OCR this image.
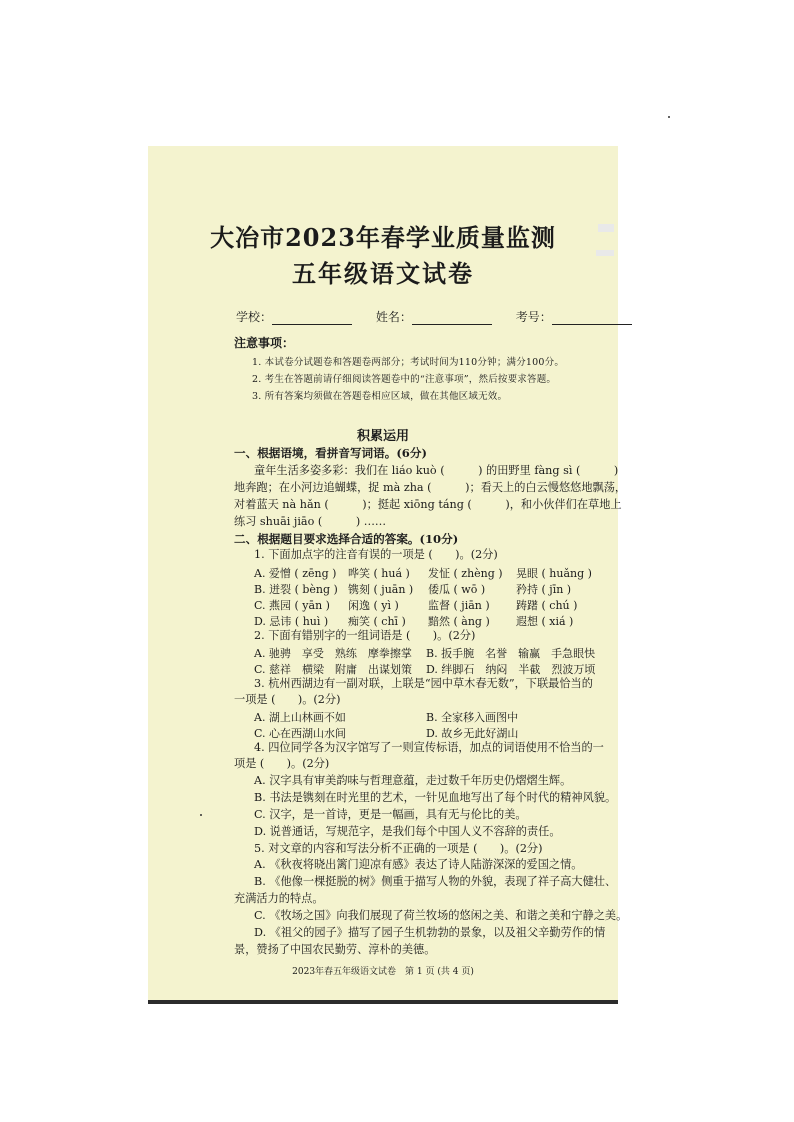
大冶市2023年春学业质量监测
五年级语文试卷
学校：	姓名：	考号：
注意事项：
1. 本试卷分试题卷和答题卷两部分；考试时间为110分钟；满分100分。
2. 考生在答题前请仔细阅读答题卷中的“注意事项”，然后按要求答题。
3. 所有答案均须做在答题卷相应区域，做在其他区域无效。
积累运用
一、根据语境，看拼音写词语。(6分)
童年生活多姿多彩：我们在 liáo kuò (　　　) 的田野里 fàng sì (　　　)
地奔跑；在小河边追蝴蝶，捉 mà zha (　　　)；看天上的白云慢悠悠地飘荡，
对着蓝天 nà hǎn (　　　)；挺起 xiōng táng (　　　)，和小伙伴们在草地上
练习 shuāi jiāo (　　　) ……
二、根据题目要求选择合适的答案。(10分)
1. 下面加点字的注音有误的一项是 (　　)。(2分)
A. 爱憎 ( zēng ) 哗笑 ( huá ) 发怔 ( zhèng ) 晃眼 ( huǎng )
B. 迸裂 ( bèng ) 镌刻 ( juān ) 倭瓜 ( wō )	矜持 ( jīn )
C. 燕园 ( yān ) 闲逸 ( yì )	监督 ( jiān ) 踌躇 ( chú )
D. 忌讳 ( huì ) 痴笑 ( chī ) 黯然 ( àng ) 遐想 ( xiá )
2. 下面有错别字的一组词语是 (　　)。(2分)
A. 驰骋　享受　熟练　摩拳擦掌 B. 扳手腕　名誉　输赢　手急眼快
C. 慈祥　横梁　附庸　出谋划策 D. 绊脚石　纳闷　半截　烈波万顷
3. 杭州西湖边有一副对联，上联是“园中草木春无数”，下联最恰当的
一项是 (　　)。(2分)
A. 湖上山林画不如	B. 全家移入画图中
C. 心在西湖山水间	D. 故乡无此好湖山
4. 四位同学各为汉字馆写了一则宣传标语，加点的词语使用不恰当的一
项是 (　　)。(2分)
A. 汉字具有审美韵味与哲理意蕴，走过数千年历史仍熠熠生辉。
B. 书法是镌刻在时光里的艺术，一针见血地写出了每个时代的精神风貌。
C. 汉字，是一首诗，更是一幅画，具有无与伦比的美。
D. 说普通话，写规范字，是我们每个中国人义不容辞的责任。
5. 对文章的内容和写法分析不正确的一项是 (　　)。(2分)
A. 《秋夜将晓出篱门迎凉有感》表达了诗人陆游深深的爱国之情。
B. 《他像一棵挺脱的树》侧重于描写人物的外貌，表现了祥子高大健壮、
充满活力的特点。
C. 《牧场之国》向我们展现了荷兰牧场的悠闲之美、和谐之美和宁静之美。
D. 《祖父的园子》描写了园子生机勃勃的景象，以及祖父辛勤劳作的情
景，赞扬了中国农民勤劳、淳朴的美德。
2023年春五年级语文试卷　第 1 页 (共 4 页)
